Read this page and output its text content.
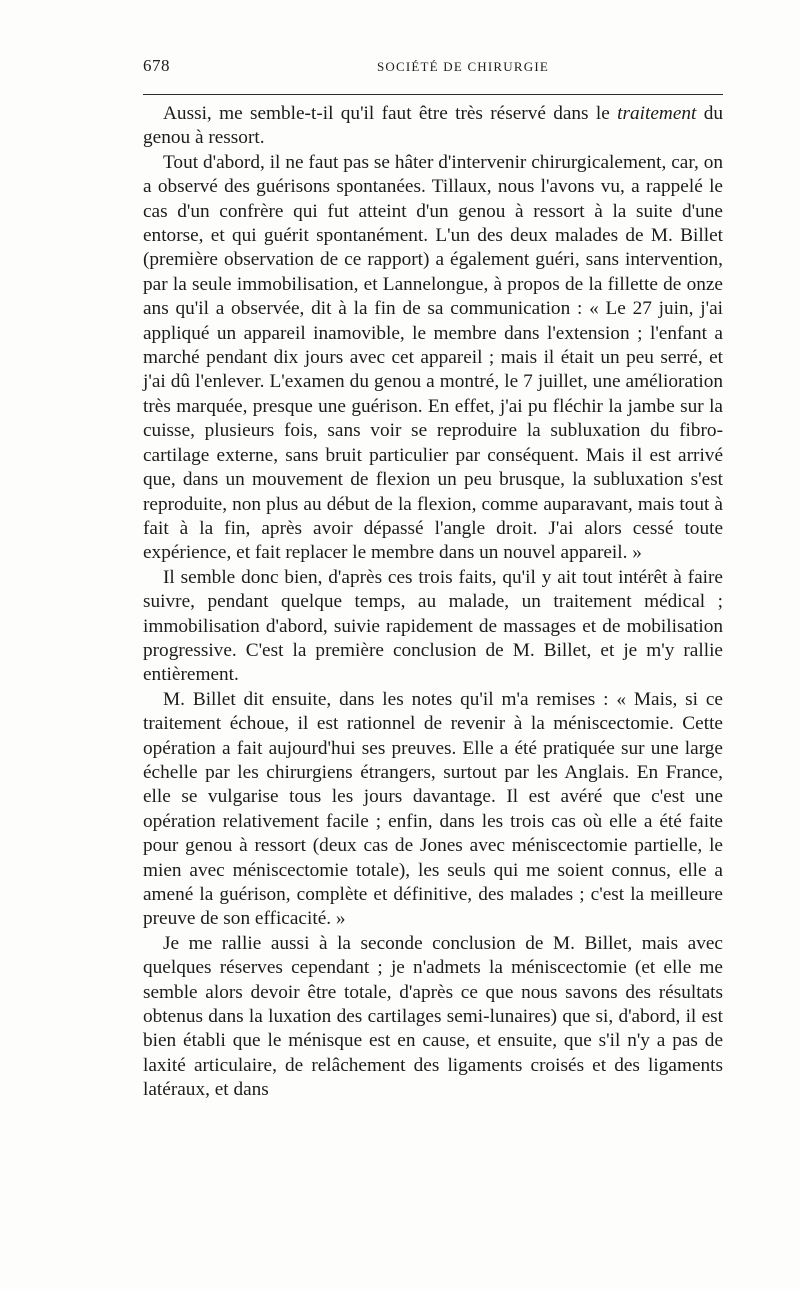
678	SOCIÉTÉ DE CHIRURGIE

Aussi, me semble-t-il qu'il faut être très réservé dans le traitement du genou à ressort.

Tout d'abord, il ne faut pas se hâter d'intervenir chirurgicalement, car, on a observé des guérisons spontanées. Tillaux, nous l'avons vu, a rappelé le cas d'un confrère qui fut atteint d'un genou à ressort à la suite d'une entorse, et qui guérit spontanément. L'un des deux malades de M. Billet (première observation de ce rapport) a également guéri, sans intervention, par la seule immobilisation, et Lannelongue, à propos de la fillette de onze ans qu'il a observée, dit à la fin de sa communication : « Le 27 juin, j'ai appliqué un appareil inamovible, le membre dans l'extension ; l'enfant a marché pendant dix jours avec cet appareil ; mais il était un peu serré, et j'ai dû l'enlever. L'examen du genou a montré, le 7 juillet, une amélioration très marquée, presque une guérison. En effet, j'ai pu fléchir la jambe sur la cuisse, plusieurs fois, sans voir se reproduire la subluxation du fibro-cartilage externe, sans bruit particulier par conséquent. Mais il est arrivé que, dans un mouvement de flexion un peu brusque, la subluxation s'est reproduite, non plus au début de la flexion, comme auparavant, mais tout à fait à la fin, après avoir dépassé l'angle droit. J'ai alors cessé toute expérience, et fait replacer le membre dans un nouvel appareil. »

Il semble donc bien, d'après ces trois faits, qu'il y ait tout intérêt à faire suivre, pendant quelque temps, au malade, un traitement médical ; immobilisation d'abord, suivie rapidement de massages et de mobilisation progressive. C'est la première conclusion de M. Billet, et je m'y rallie entièrement.

M. Billet dit ensuite, dans les notes qu'il m'a remises : « Mais, si ce traitement échoue, il est rationnel de revenir à la méniscectomie. Cette opération a fait aujourd'hui ses preuves. Elle a été pratiquée sur une large échelle par les chirurgiens étrangers, surtout par les Anglais. En France, elle se vulgarise tous les jours davantage. Il est avéré que c'est une opération relativement facile ; enfin, dans les trois cas où elle a été faite pour genou à ressort (deux cas de Jones avec méniscectomie partielle, le mien avec méniscectomie totale), les seuls qui me soient connus, elle a amené la guérison, complète et définitive, des malades ; c'est la meilleure preuve de son efficacité. »

Je me rallie aussi à la seconde conclusion de M. Billet, mais avec quelques réserves cependant ; je n'admets la méniscectomie (et elle me semble alors devoir être totale, d'après ce que nous savons des résultats obtenus dans la luxation des cartilages semi-lunaires) que si, d'abord, il est bien établi que le ménisque est en cause, et ensuite, que s'il n'y a pas de laxité articulaire, de relâchement des ligaments croisés et des ligaments latéraux, et dans
